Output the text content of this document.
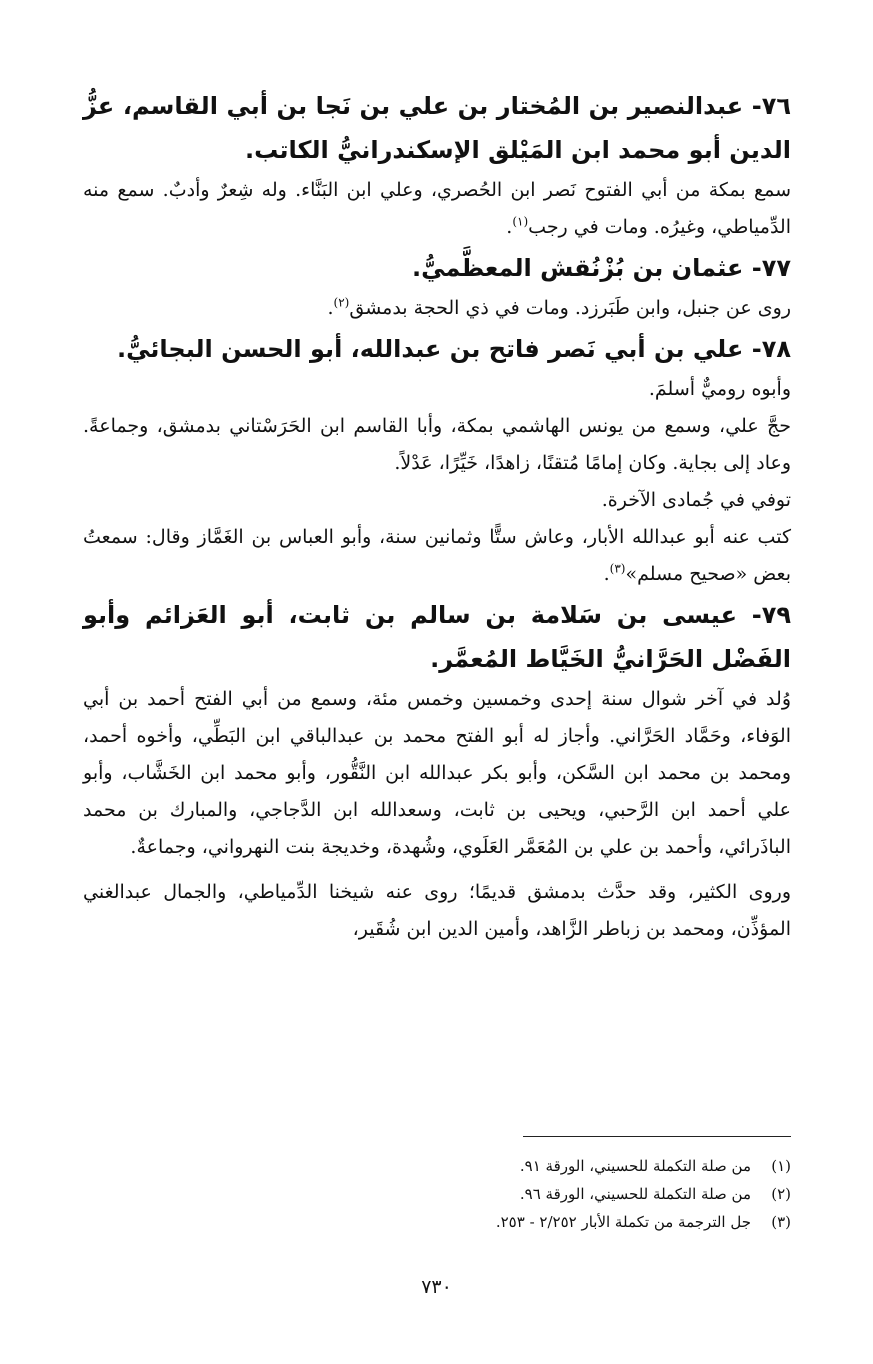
٧٦- عبدالنصير بن المُختار بن علي بن نَجا بن أبي القاسم، عزُّ الدين أبو محمد ابن المَيْلق الإسكندرانيُّ الكاتب.

سمع بمكة من أبي الفتوح نَصر ابن الحُصري، وعلي ابن البَنَّاء. وله شِعرٌ وأدبٌ. سمع منه الدِّمياطي، وغيرُه. ومات في رجب$^{(١)}$.

٧٧- عثمان بن بُزْنُقش المعظَّميُّ.

روى عن جنبل، وابن طَبَرزد. ومات في ذي الحجة بدمشق$^{(٢)}$.

٧٨- علي بن أبي نَصر فاتح بن عبدالله، أبو الحسن البجائيُّ.

وأبوه روميٌّ أسلمَ.

حجَّ علي، وسمع من يونس الهاشمي بمكة، وأبا القاسم ابن الحَرَسْتاني بدمشق، وجماعةً. وعاد إلى بجاية. وكان إمامًا مُتقنًا، زاهدًا، خَيِّرًا، عَدْلاً.

توفي في جُمادى الآخرة.

كتب عنه أبو عبدالله الأبار، وعاش ستًّا وثمانين سنة، وأبو العباس بن الغَمَّاز وقال: سمعتُ بعض «صحيح مسلم»$^{(٣)}$.

٧٩- عيسى بن سَلامة بن سالم بن ثابت، أبو العَزائم وأبو الفَضْل الحَرَّانيُّ الخَيَّاط المُعمَّر.

وُلد في آخر شوال سنة إحدى وخمسين وخمس مئة، وسمع من أبي الفتح أحمد بن أبي الوَفاء، وحَمَّاد الحَرَّاني. وأجاز له أبو الفتح محمد بن عبدالباقي ابن البَطِّي، وأخوه أحمد، ومحمد بن محمد ابن السَّكن، وأبو بكر عبدالله ابن النَّقُّور، وأبو محمد ابن الخَشَّاب، وأبو علي أحمد ابن الرَّحبي، ويحيى بن ثابت، وسعدالله ابن الدَّجاجي، والمبارك بن محمد الباذَرائي، وأحمد بن علي بن المُعَمَّر العَلَوي، وشُهدة، وخديجة بنت النهرواني، وجماعةٌ.

وروى الكثير، وقد حدَّث بدمشق قديمًا؛ روى عنه شيخنا الدِّمياطي، والجمال عبدالغني المؤذِّن، ومحمد بن زباطر الزَّاهد، وأمين الدين ابن شُقَير،

(١)من صلة التكملة للحسيني، الورقة ٩١.

(٢)من صلة التكملة للحسيني، الورقة ٩٦.

(٣)جل الترجمة من تكملة الأبار ٢/٢٥٢ - ٢٥٣.

٧٣٠
